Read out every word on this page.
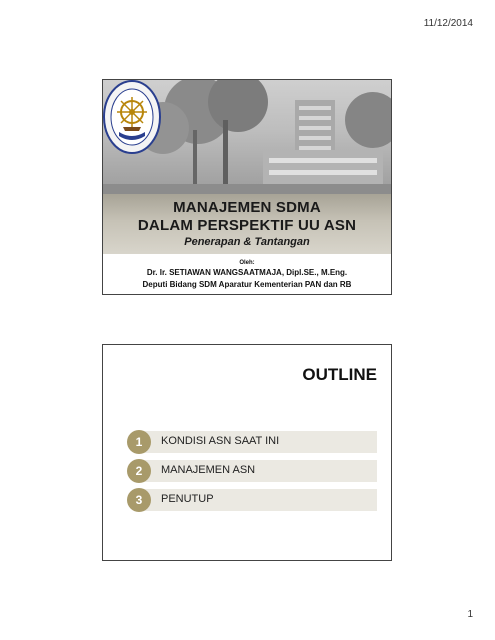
11/12/2014
MANAJEMEN SDMA
DALAM PERSPEKTIF UU ASN
Penerapan & Tantangan
Oleh:
Dr. Ir. SETIAWAN WANGSAATMAJA, Dipl.SE., M.Eng.
Deputi Bidang SDM Aparatur Kementerian PAN dan RB
OUTLINE
1	KONDISI ASN SAAT INI
2	MANAJEMEN ASN
3	PENUTUP
1
